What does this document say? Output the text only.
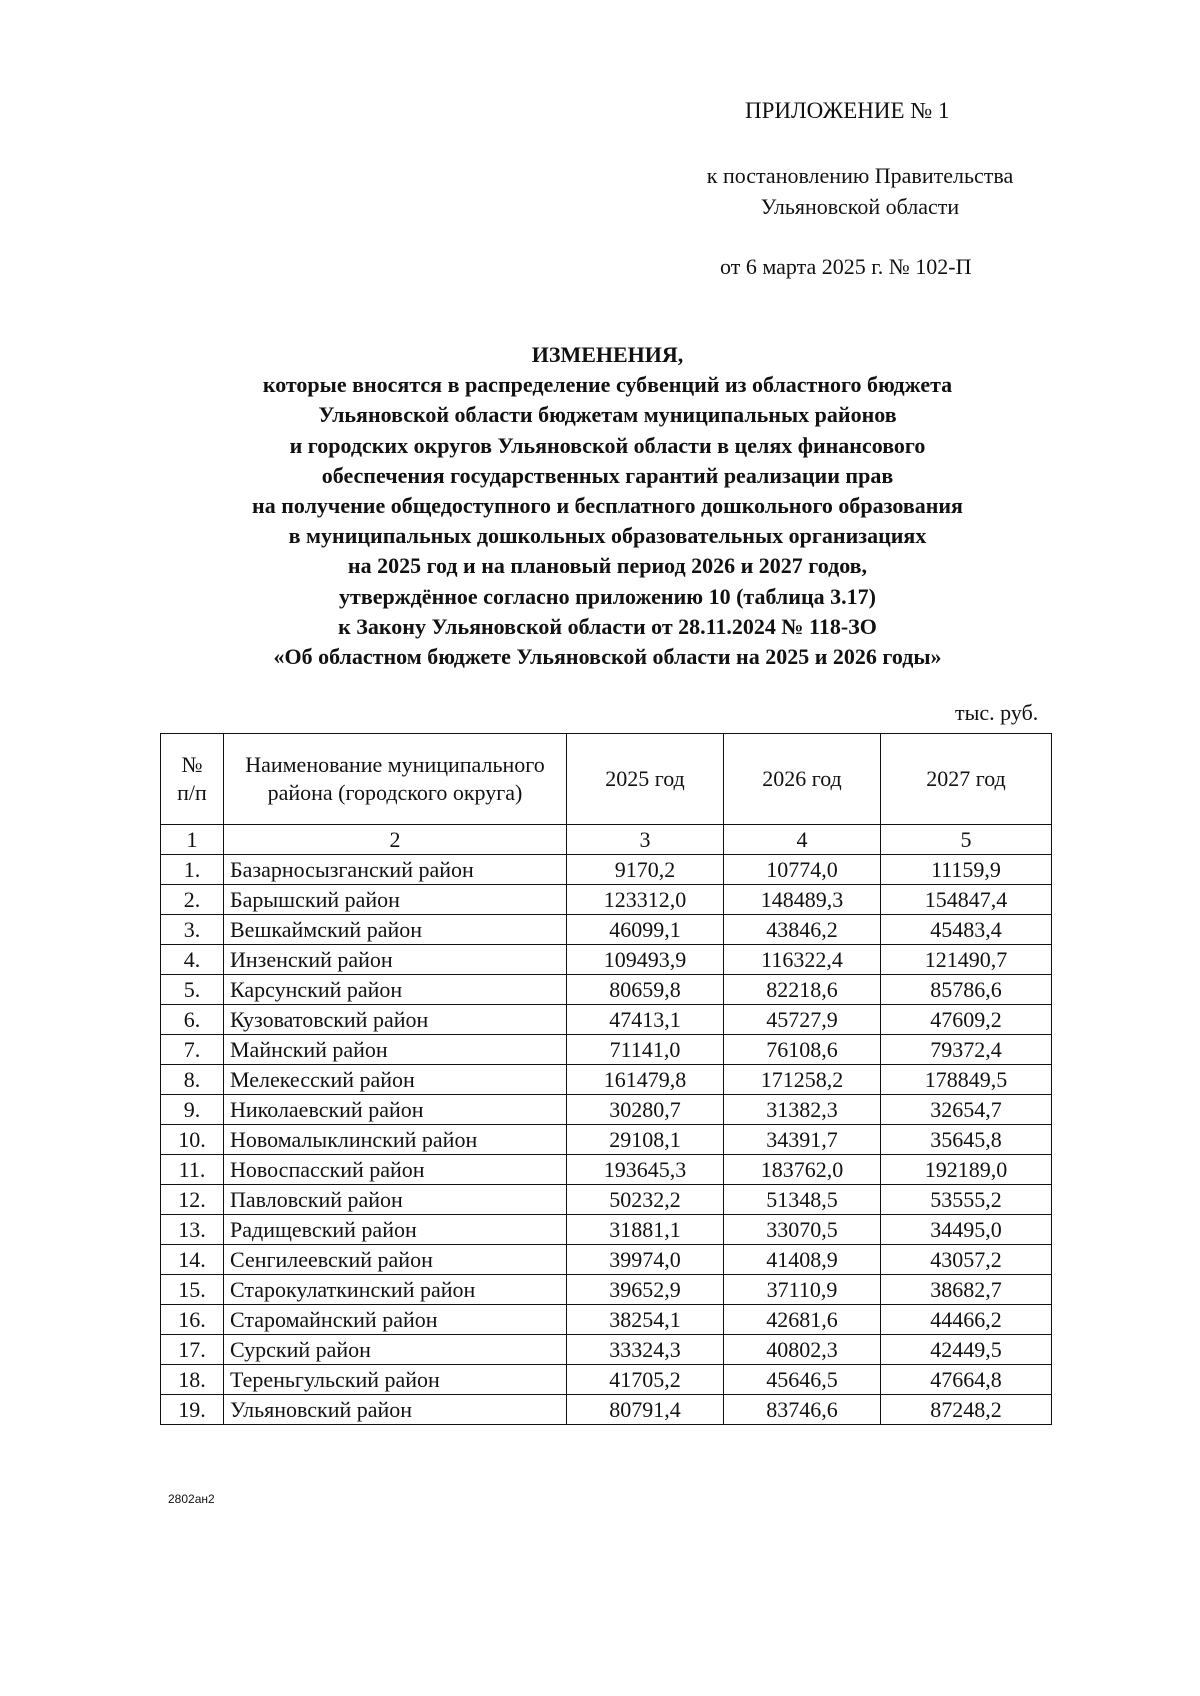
ПРИЛОЖЕНИЕ № 1
к постановлению Правительства
Ульяновской области
от 6 марта 2025 г. № 102-П
ИЗМЕНЕНИЯ,
которые вносятся в распределение субвенций из областного бюджета
Ульяновской области бюджетам муниципальных районов
и городских округов Ульяновской области в целях финансового
обеспечения государственных гарантий реализации прав
на получение общедоступного и бесплатного дошкольного образования
в муниципальных дошкольных образовательных организациях
на 2025 год и на плановый период 2026 и 2027 годов,
утверждённое согласно приложению 10 (таблица 3.17)
к Закону Ульяновской области от 28.11.2024 № 118-ЗО
«Об областном бюджете Ульяновской области на 2025 и 2026 годы»
тыс. руб.
№
п/п	Наименование муниципального района (городского округа)	2025 год	2026 год	2027 год
1	2	3	4	5
1.	Базарносызганский район	9170,2	10774,0	11159,9
2.	Барышский район	123312,0	148489,3	154847,4
3.	Вешкаймский район	46099,1	43846,2	45483,4
4.	Инзенский район	109493,9	116322,4	121490,7
5.	Карсунский район	80659,8	82218,6	85786,6
6.	Кузоватовский район	47413,1	45727,9	47609,2
7.	Майнский район	71141,0	76108,6	79372,4
8.	Мелекесский район	161479,8	171258,2	178849,5
9.	Николаевский район	30280,7	31382,3	32654,7
10.	Новомалыклинский район	29108,1	34391,7	35645,8
11.	Новоспасский район	193645,3	183762,0	192189,0
12.	Павловский район	50232,2	51348,5	53555,2
13.	Радищевский район	31881,1	33070,5	34495,0
14.	Сенгилеевский район	39974,0	41408,9	43057,2
15.	Старокулаткинский район	39652,9	37110,9	38682,7
16.	Старомайнский район	38254,1	42681,6	44466,2
17.	Сурский район	33324,3	40802,3	42449,5
18.	Тереньгульский район	41705,2	45646,5	47664,8
19.	Ульяновский район	80791,4	83746,6	87248,2
2802ан2
